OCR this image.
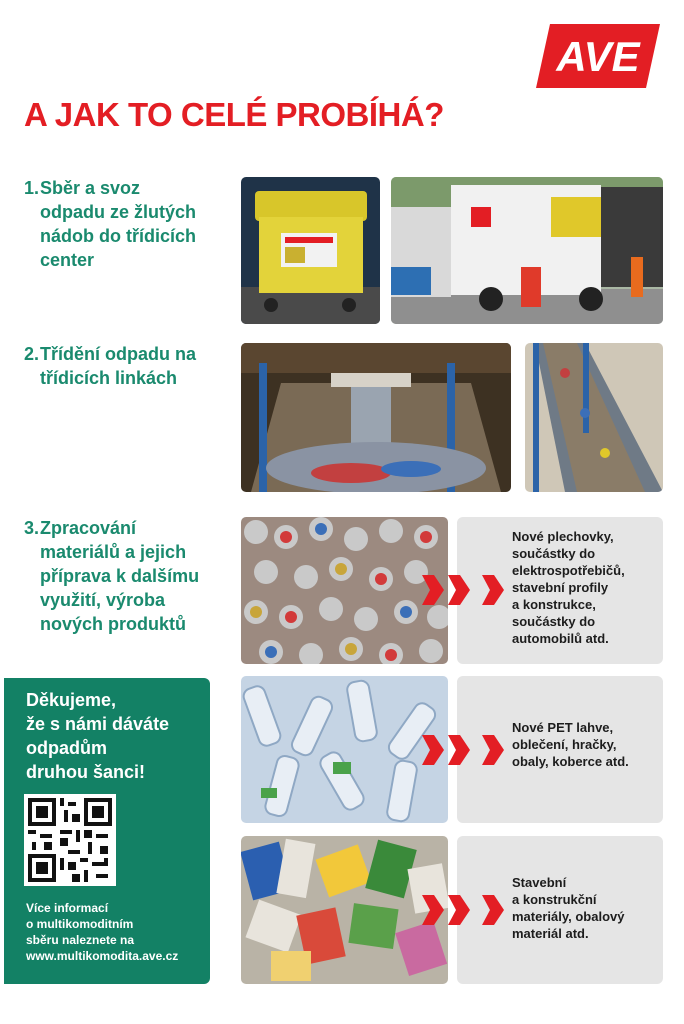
AVE
A JAK TO CELÉ PROBÍHÁ?
1.Sběr a svoz
odpadu ze žlutých
nádob do třídicích
center
2.Třídění odpadu na
třídicích linkách
3.Zpracování
materiálů a jejich
příprava k dalšímu
využití, výroba
nových produktů
Nové plechovky,
součástky do
elektrospotřebičů,
stavební profily
a konstrukce,
součástky do
automobilů atd.
Nové PET lahve,
oblečení, hračky,
obaly, koberce atd.
Stavební
a konstrukční
materiály, obalový
materiál atd.
Děkujeme,
že s námi dáváte
odpadům
druhou šanci!
Více informací
o multikomoditním
sběru naleznete na
www.multikomodita.ave.cz
